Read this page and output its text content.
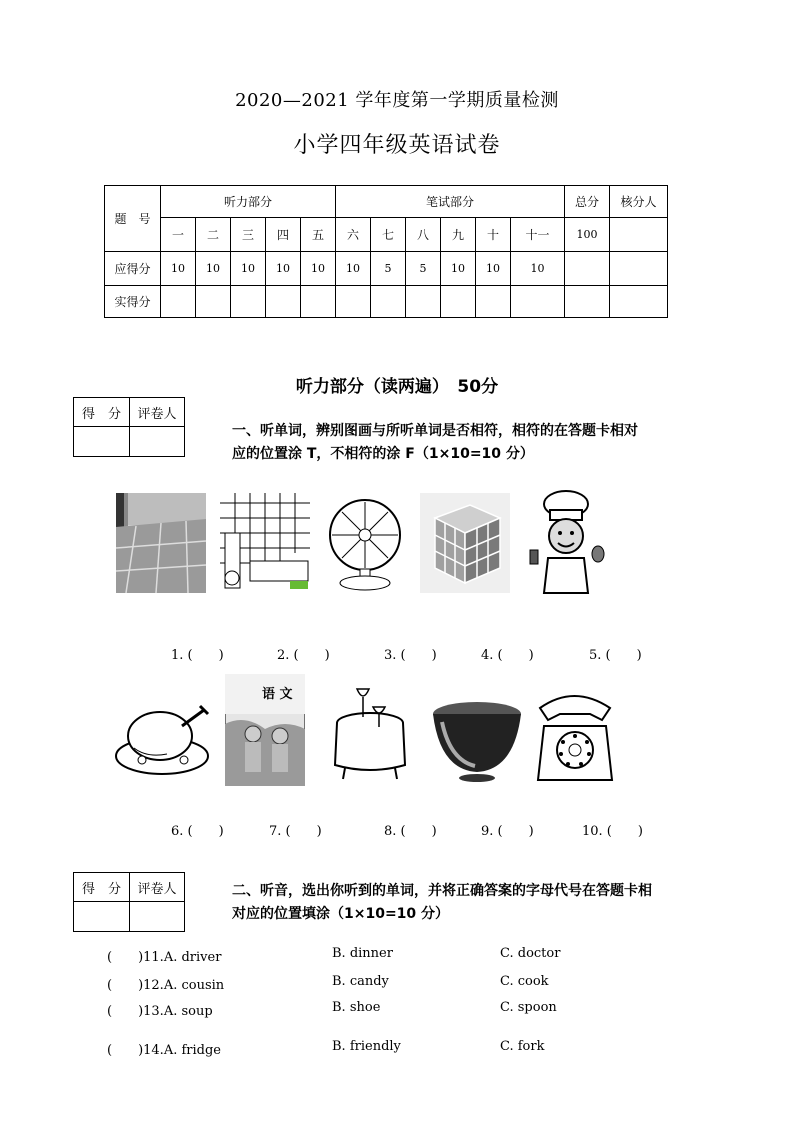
2020—2021 学年度第一学期质量检测
小学四年级英语试卷
题　号	听力部分					笔试部分						总分	核分人
	一	二	三	四	五	六	七	八	九	十	十一	100	
应得分	10	10	10	10	10	10	5	5	10	10	10		
实得分													
听力部分（读两遍）　50分
得　分	评卷人

一、听单词，辨别图画与所听单词是否相符，相符的在答题卡相对
应的位置涂 T，不相符的涂 F（1×10=10 分）
1. (　　)	2. (　　)	3. (　　)	4. (　　)	5. (　　)
语 文
6. (　　)	7. (　　)	8. (　　)	9. (　　)	10. (　　)
得　分	评卷人
		二、听音，选出你听到的单词，并将正确答案的字母代号在答题卡相
对应的位置填涂（1×10=10 分）
(　　)11.A. driver	B. dinner	C. doctor
(　　)12.A. cousin	B. candy	C. cook
(　　)13.A. soup	B. shoe	C. spoon
(　　)14.A. fridge	B. friendly	C. fork
